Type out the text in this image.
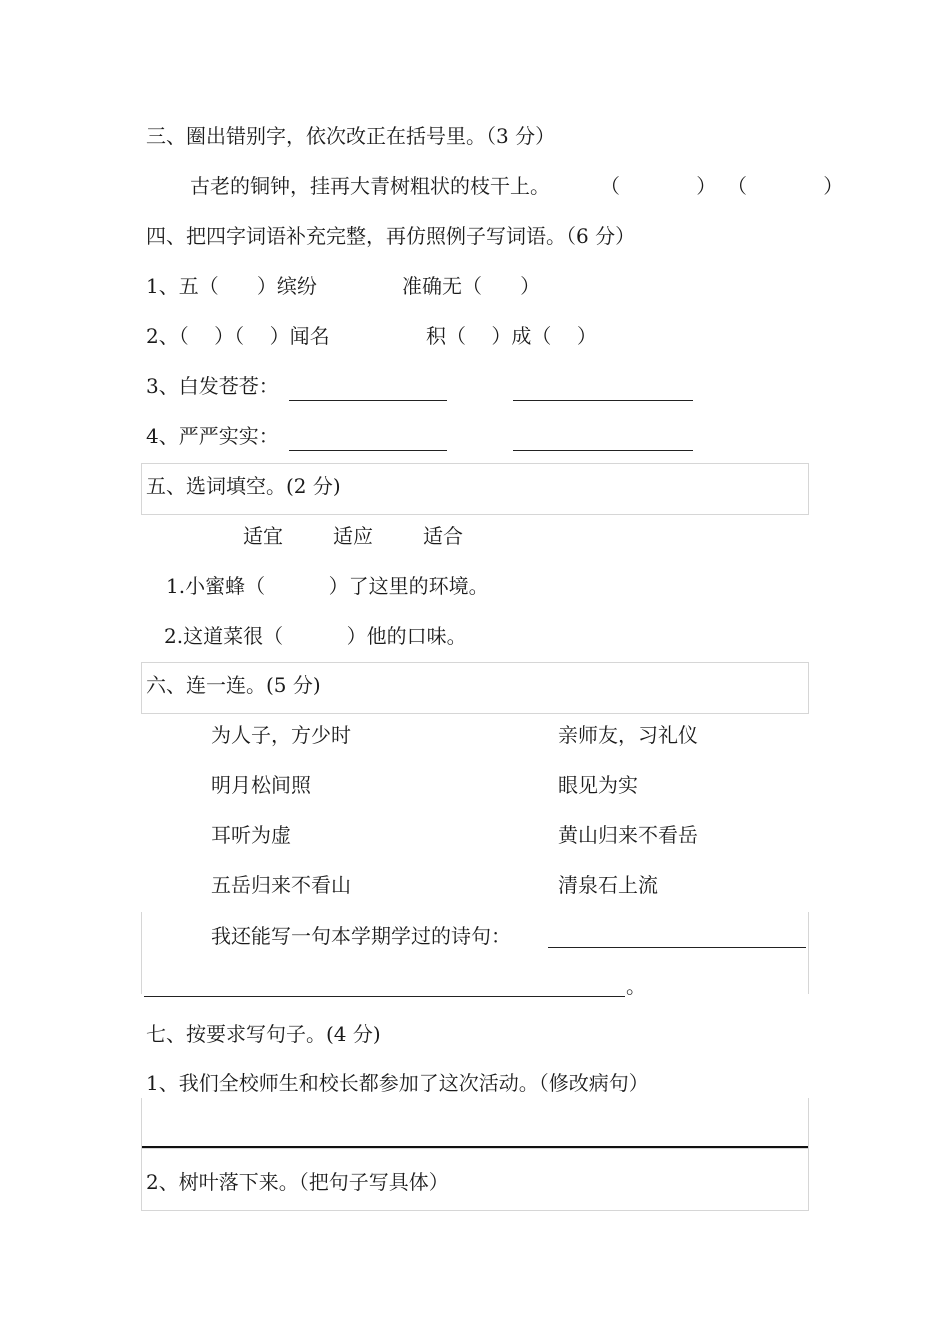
三、圈出错别字，依次改正在括号里。（3 分）
古老的铜钟，挂再大青树粗状的枝干上。	（            ） （            ）
四、把四字词语补充完整，再仿照例子写词语。（6 分）
1、五（      ）缤纷	准确无（      ）
2、（    ）（    ）闻名	积（    ）成（    ）
3、白发苍苍：
4、严严实实：
五、选词填空。(2 分)
适宜	适应	适合
1.小蜜蜂（          ）了这里的环境。
2.这道菜很（          ）他的口味。
六、连一连。(5 分)
为人子，方少时	亲师友，习礼仪
明月松间照	眼见为实
耳听为虚	黄山归来不看岳
五岳归来不看山	清泉石上流
我还能写一句本学期学过的诗句：
。
七、按要求写句子。(4 分)
1、我们全校师生和校长都参加了这次活动。（修改病句）
2、树叶落下来。（把句子写具体）
